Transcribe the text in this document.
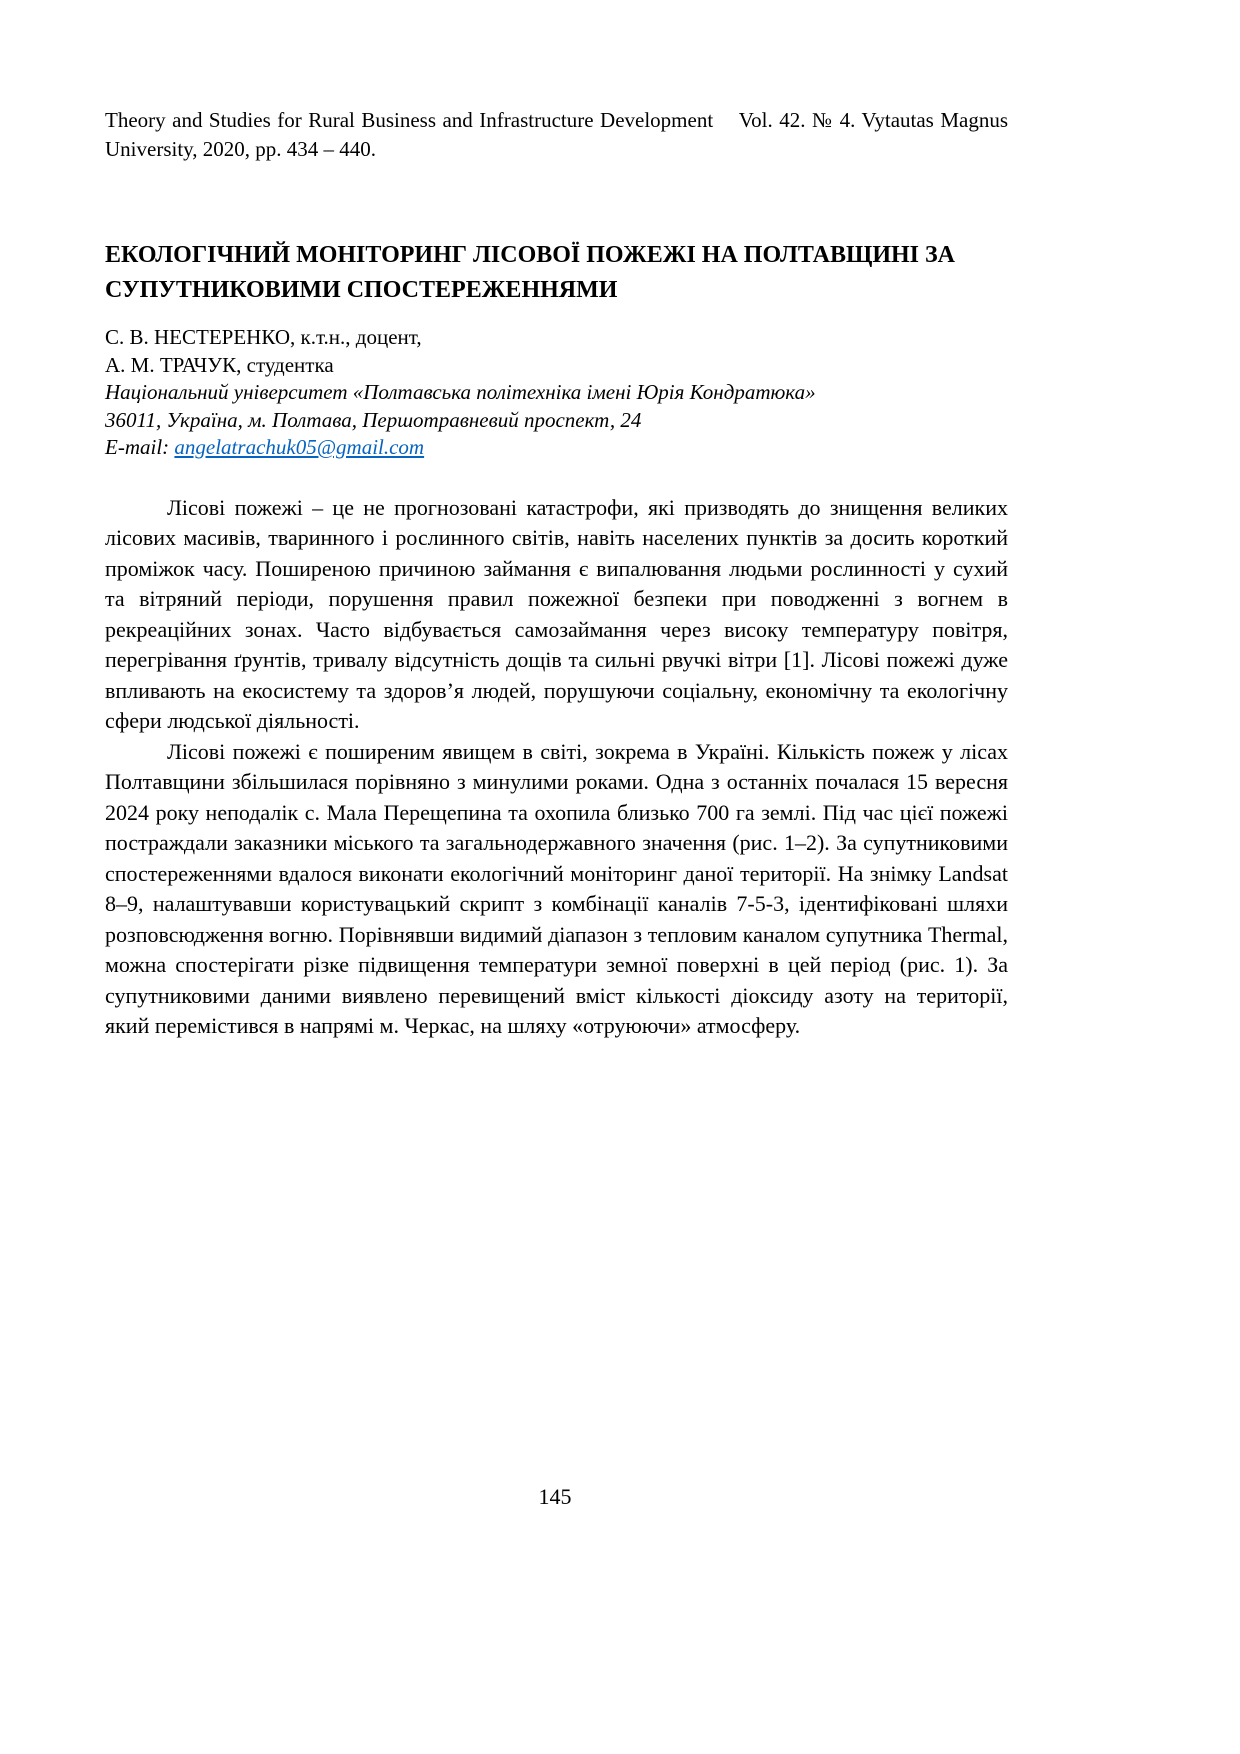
Theory and Studies for Rural Business and Infrastructure Development    Vol. 42. № 4. Vytautas Magnus University, 2020, pp. 434 – 440.

ЕКОЛОГІЧНИЙ МОНІТОРИНГ ЛІСОВОЇ ПОЖЕЖІ НА ПОЛТАВЩИНІ ЗА СУПУТНИКОВИМИ СПОСТЕРЕЖЕННЯМИ

С. В. НЕСТЕРЕНКО, к.т.н., доцент,

А. М. ТРАЧУК, студентка

Національний університет «Полтавська політехніка імені Юрія Кондратюка»

36011, Україна, м. Полтава, Першотравневий проспект, 24

E-mail: angelatrachuk05@gmail.com

Лісові пожежі – це не прогнозовані катастрофи, які призводять до знищення великих лісових масивів, тваринного і рослинного світів, навіть населених пунктів за досить короткий проміжок часу. Поширеною причиною займання є випалювання людьми рослинності у сухий та вітряний періоди, порушення правил пожежної безпеки при поводженні з вогнем в рекреаційних зонах. Часто відбувається самозаймання через високу температуру повітря, перегрівання ґрунтів, тривалу відсутність дощів та сильні рвучкі вітри [1]. Лісові пожежі дуже впливають на екосистему та здоров’я людей, порушуючи соціальну, економічну та екологічну сфери людської діяльності.

Лісові пожежі є поширеним явищем в світі, зокрема в Україні. Кількість пожеж у лісах Полтавщини збільшилася порівняно з минулими роками. Одна з останніх почалася 15 вересня 2024 року неподалік с. Мала Перещепина та охопила близько 700 га землі. Під час цієї пожежі постраждали заказники міського та загальнодержавного значення (рис. 1–2). За супутниковими спостереженнями вдалося виконати екологічний моніторинг даної території. На знімку Landsat 8–9, налаштувавши користувацький скрипт з комбінації каналів 7-5-3, ідентифіковані шляхи розповсюдження вогню. Порівнявши видимий діапазон з тепловим каналом супутника Thermal, можна спостерігати різке підвищення температури земної поверхні в цей період (рис. 1). За супутниковими даними виявлено перевищений вміст кількості діоксиду азоту на території, який перемістився в напрямі м. Черкас, на шляху «отруюючи» атмосферу.

145
